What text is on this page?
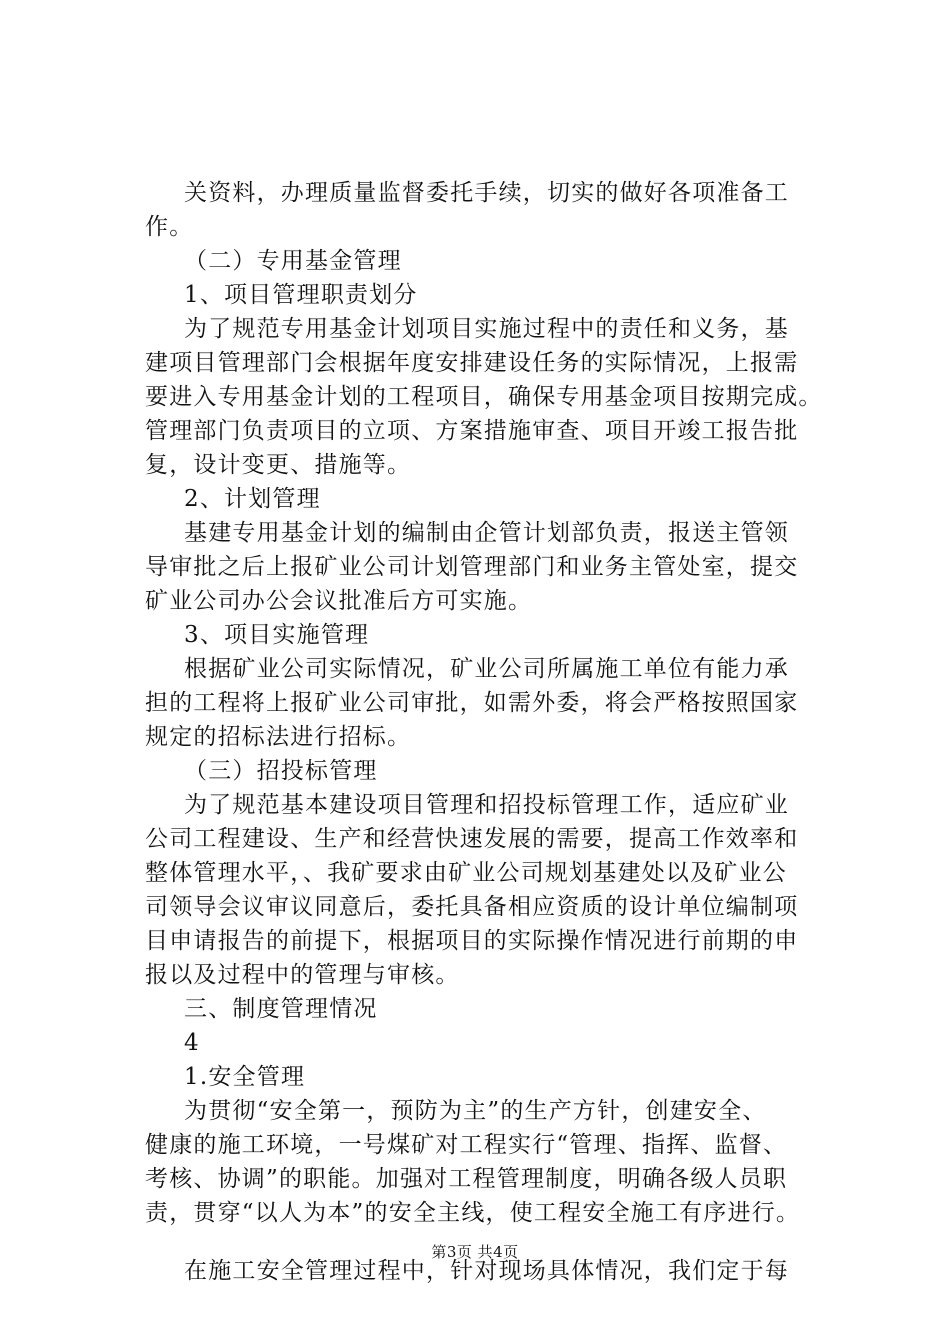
关资料，办理质量监督委托手续，切实的做好各项准备工
作。
（二）专用基金管理
1、项目管理职责划分
为了规范专用基金计划项目实施过程中的责任和义务，基
建项目管理部门会根据年度安排建设任务的实际情况，上报需
要进入专用基金计划的工程项目，确保专用基金项目按期完成。
管理部门负责项目的立项、方案措施审查、项目开竣工报告批
复，设计变更、措施等。
2、计划管理
基建专用基金计划的编制由企管计划部负责，报送主管领
导审批之后上报矿业公司计划管理部门和业务主管处室，提交
矿业公司办公会议批准后方可实施。
3、项目实施管理
根据矿业公司实际情况，矿业公司所属施工单位有能力承
担的工程将上报矿业公司审批，如需外委，将会严格按照国家
规定的招标法进行招标。
（三）招投标管理
为了规范基本建设项目管理和招投标管理工作，适应矿业
公司工程建设、生产和经营快速发展的需要，提高工作效率和
整体管理水平，、我矿要求由矿业公司规划基建处以及矿业公
司领导会议审议同意后，委托具备相应资质的设计单位编制项
目申请报告的前提下，根据项目的实际操作情况进行前期的申
报以及过程中的管理与审核。
三、制度管理情况
4
1.安全管理
为贯彻“安全第一，预防为主”的生产方针，创建安全、
健康的施工环境，一号煤矿对工程实行“管理、指挥、监督、
考核、协调”的职能。加强对工程管理制度，明确各级人员职
责，贯穿“以人为本”的安全主线，使工程安全施工有序进行。
在施工安全管理过程中，针对现场具体情况，我们定于每
第3页 共4页
